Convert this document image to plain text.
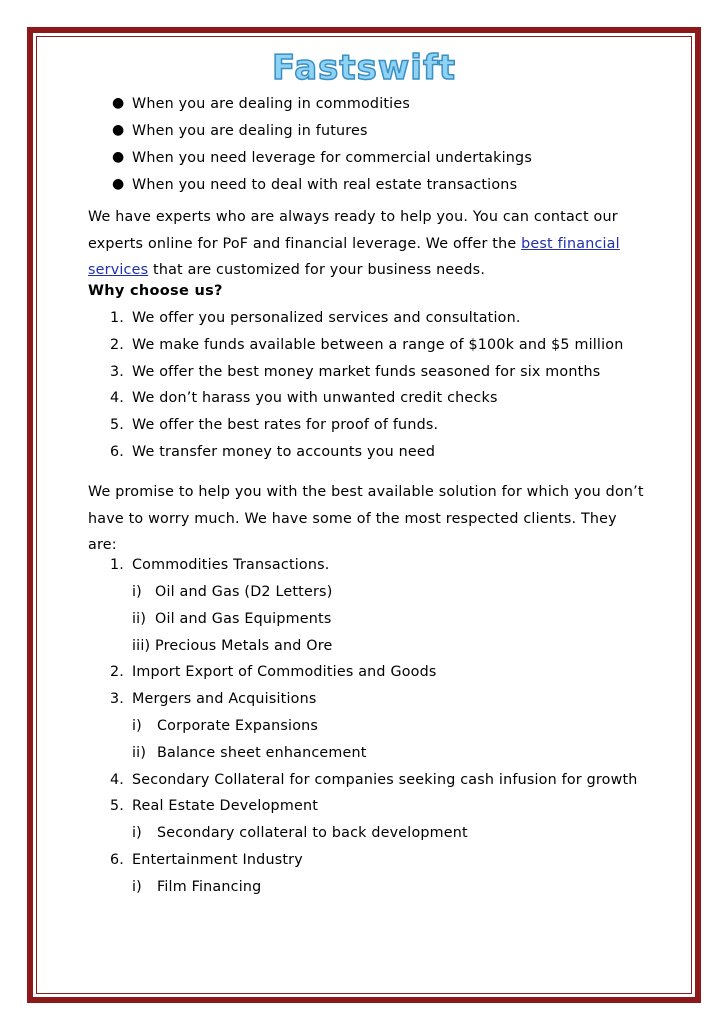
Fastswift
● When you are dealing in commodities
● When you are dealing in futures
● When you need leverage for commercial undertakings
● When you need to deal with real estate transactions
We have experts who are always ready to help you. You can contact our experts online for PoF and financial leverage. We offer the best financial services that are customized for your business needs.
Why choose us?
1. We offer you personalized services and consultation.
2. We make funds available between a range of $100k and $5 million
3. We offer the best money market funds seasoned for six months
4. We don’t harass you with unwanted credit checks
5. We offer the best rates for proof of funds.
6. We transfer money to accounts you need
We promise to help you with the best available solution for which you don’t have to worry much. We have some of the most respected clients. They are:
1. Commodities Transactions.
i) Oil and Gas (D2 Letters)
ii) Oil and Gas Equipments
iii) Precious Metals and Ore
2. Import Export of Commodities and Goods
3. Mergers and Acquisitions
i) Corporate Expansions
ii) Balance sheet enhancement
4. Secondary Collateral for companies seeking cash infusion for growth
5. Real Estate Development
i) Secondary collateral to back development
6. Entertainment Industry
i) Film Financing
